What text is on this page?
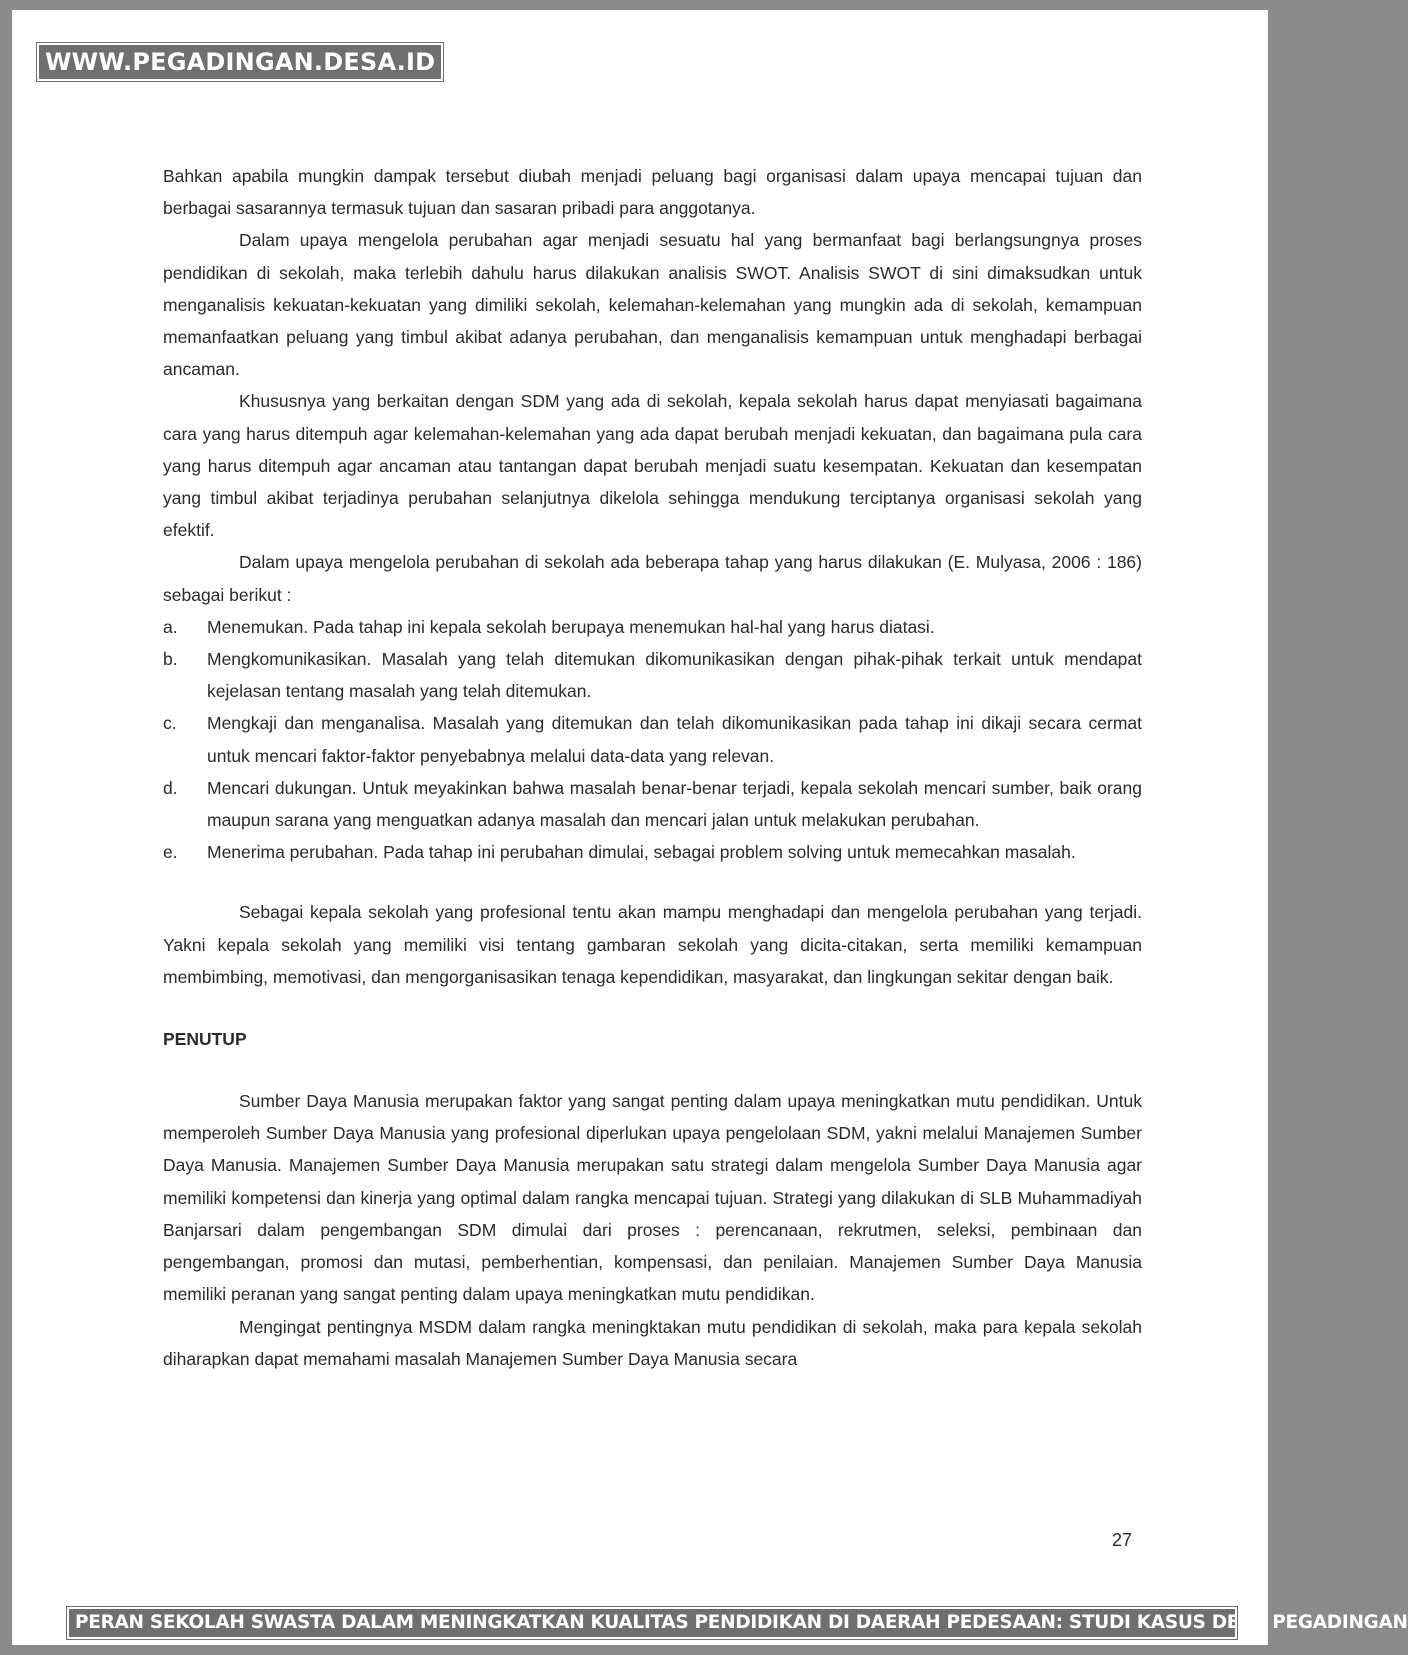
WWW.PEGADINGAN.DESA.ID

Bahkan apabila mungkin dampak tersebut diubah menjadi peluang bagi organisasi dalam upaya mencapai tujuan dan berbagai sasarannya termasuk tujuan dan sasaran pribadi para anggotanya.

Dalam upaya mengelola perubahan agar menjadi sesuatu hal yang bermanfaat bagi berlangsungnya proses pendidikan di sekolah, maka terlebih dahulu harus dilakukan analisis SWOT. Analisis SWOT di sini dimaksudkan untuk menganalisis kekuatan-kekuatan yang dimiliki sekolah, kelemahan-kelemahan yang mungkin ada di sekolah, kemampuan memanfaatkan peluang yang timbul akibat adanya perubahan, dan menganalisis kemampuan untuk menghadapi berbagai ancaman.

Khususnya yang berkaitan dengan SDM yang ada di sekolah, kepala sekolah harus dapat menyiasati bagaimana cara yang harus ditempuh agar kelemahan-kelemahan yang ada dapat berubah menjadi kekuatan, dan bagaimana pula cara yang harus ditempuh agar ancaman atau tantangan dapat berubah menjadi suatu kesempatan. Kekuatan dan kesempatan yang timbul akibat terjadinya perubahan selanjutnya dikelola sehingga mendukung terciptanya organisasi sekolah yang efektif.

Dalam upaya mengelola perubahan di sekolah ada beberapa tahap yang harus dilakukan (E. Mulyasa, 2006 : 186) sebagai berikut :

a.	Menemukan. Pada tahap ini kepala sekolah berupaya menemukan hal-hal yang harus diatasi.
b.	Mengkomunikasikan. Masalah yang telah ditemukan dikomunikasikan dengan pihak-pihak terkait untuk mendapat kejelasan tentang masalah yang telah ditemukan.
c.	Mengkaji dan menganalisa. Masalah yang ditemukan dan telah dikomunikasikan pada tahap ini dikaji secara cermat untuk mencari faktor-faktor penyebabnya melalui data-data yang relevan.
d.	Mencari dukungan. Untuk meyakinkan bahwa masalah benar-benar terjadi, kepala sekolah mencari sumber, baik orang maupun sarana yang menguatkan adanya masalah dan mencari jalan untuk melakukan perubahan.
e.	Menerima perubahan. Pada tahap ini perubahan dimulai, sebagai problem solving untuk memecahkan masalah.

Sebagai kepala sekolah yang profesional tentu akan mampu menghadapi dan mengelola perubahan yang terjadi. Yakni kepala sekolah yang memiliki visi tentang gambaran sekolah yang dicita-citakan, serta memiliki kemampuan membimbing, memotivasi, dan mengorganisasikan tenaga kependidikan, masyarakat, dan lingkungan sekitar dengan baik.

PENUTUP

Sumber Daya Manusia merupakan faktor yang sangat penting dalam upaya meningkatkan mutu pendidikan. Untuk memperoleh Sumber Daya Manusia yang profesional diperlukan upaya pengelolaan SDM, yakni melalui Manajemen Sumber Daya Manusia. Manajemen Sumber Daya Manusia merupakan satu strategi dalam mengelola Sumber Daya Manusia agar memiliki kompetensi dan kinerja yang optimal dalam rangka mencapai tujuan. Strategi yang dilakukan di SLB Muhammadiyah Banjarsari dalam pengembangan SDM dimulai dari proses : perencanaan, rekrutmen, seleksi, pembinaan dan pengembangan, promosi dan mutasi, pemberhentian, kompensasi, dan penilaian. Manajemen Sumber Daya Manusia memiliki peranan yang sangat penting dalam upaya meningkatkan mutu pendidikan.

Mengingat pentingnya MSDM dalam rangka meningktakan mutu pendidikan di sekolah, maka para kepala sekolah diharapkan dapat memahami masalah Manajemen Sumber Daya Manusia secara

27
PERAN SEKOLAH SWASTA DALAM MENINGKATKAN KUALITAS PENDIDIKAN DI DAERAH PEDESAAN: STUDI KASUS DESA PEGADINGAN
